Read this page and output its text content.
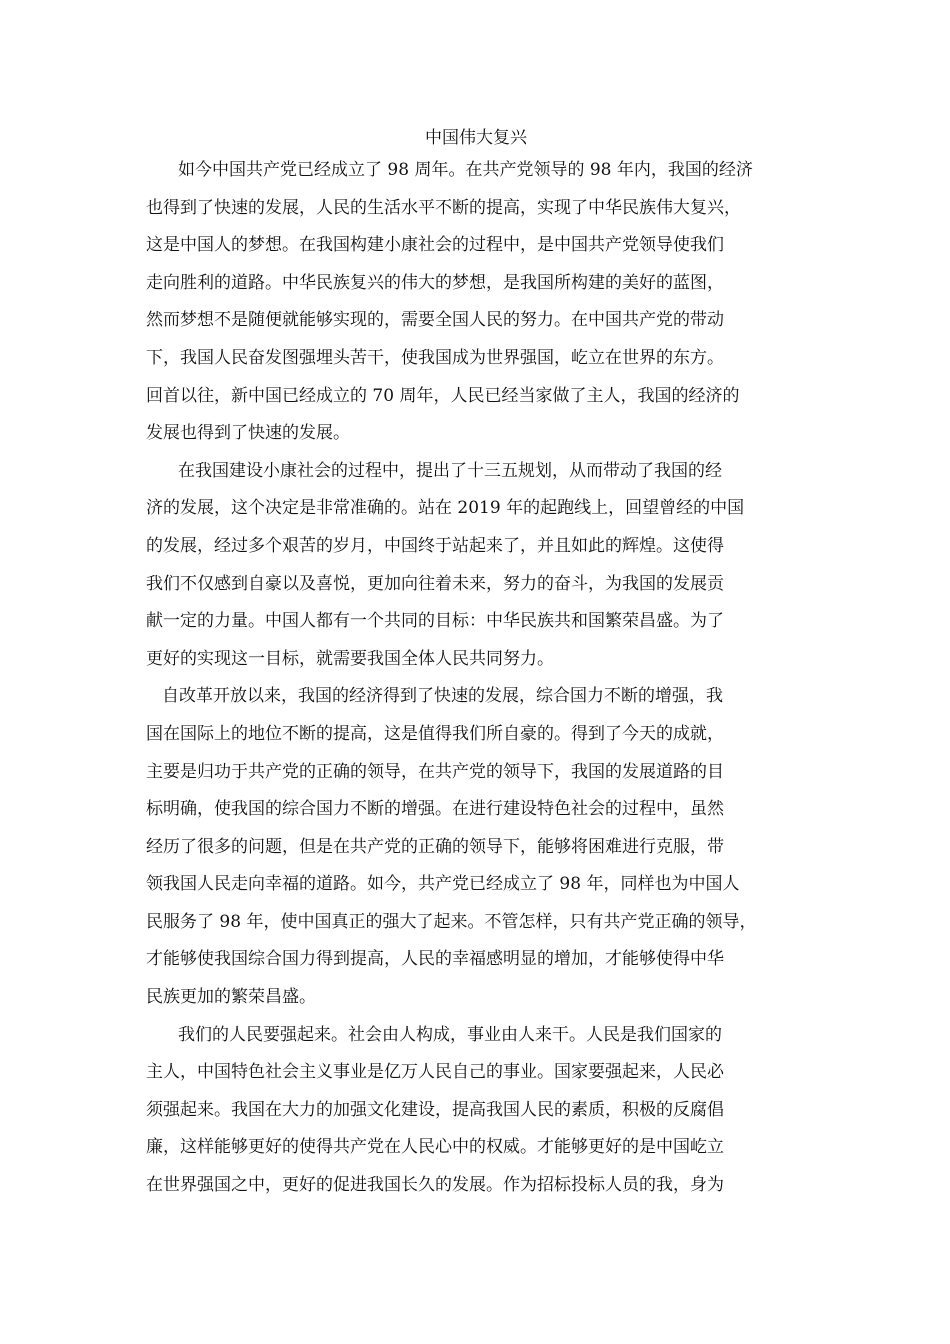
中国伟大复兴
如今中国共产党已经成立了 98 周年。在共产党领导的 98 年内，我国的经济
也得到了快速的发展，人民的生活水平不断的提高，实现了中华民族伟大复兴，
这是中国人的梦想。在我国构建小康社会的过程中，是中国共产党领导使我们
走向胜利的道路。中华民族复兴的伟大的梦想，是我国所构建的美好的蓝图，
然而梦想不是随便就能够实现的，需要全国人民的努力。在中国共产党的带动
下，我国人民奋发图强埋头苦干，使我国成为世界强国，屹立在世界的东方。
回首以往，新中国已经成立的 70 周年，人民已经当家做了主人，我国的经济的
发展也得到了快速的发展。
在我国建设小康社会的过程中，提出了十三五规划，从而带动了我国的经
济的发展，这个决定是非常准确的。站在 2019 年的起跑线上，回望曾经的中国
的发展，经过多个艰苦的岁月，中国终于站起来了，并且如此的辉煌。这使得
我们不仅感到自豪以及喜悦，更加向往着未来，努力的奋斗，为我国的发展贡
献一定的力量。中国人都有一个共同的目标：中华民族共和国繁荣昌盛。为了
更好的实现这一目标，就需要我国全体人民共同努力。
自改革开放以来，我国的经济得到了快速的发展，综合国力不断的增强，我
国在国际上的地位不断的提高，这是值得我们所自豪的。得到了今天的成就，
主要是归功于共产党的正确的领导，在共产党的领导下，我国的发展道路的目
标明确，使我国的综合国力不断的增强。在进行建设特色社会的过程中，虽然
经历了很多的问题，但是在共产党的正确的领导下，能够将困难进行克服，带
领我国人民走向幸福的道路。如今，共产党已经成立了 98 年，同样也为中国人
民服务了 98 年，使中国真正的强大了起来。不管怎样，只有共产党正确的领导，
才能够使我国综合国力得到提高，人民的幸福感明显的增加，才能够使得中华
民族更加的繁荣昌盛。
我们的人民要强起来。社会由人构成，事业由人来干。人民是我们国家的
主人，中国特色社会主义事业是亿万人民自己的事业。国家要强起来，人民必
须强起来。我国在大力的加强文化建设，提高我国人民的素质，积极的反腐倡
廉，这样能够更好的使得共产党在人民心中的权威。才能够更好的是中国屹立
在世界强国之中，更好的促进我国长久的发展。作为招标投标人员的我，身为
